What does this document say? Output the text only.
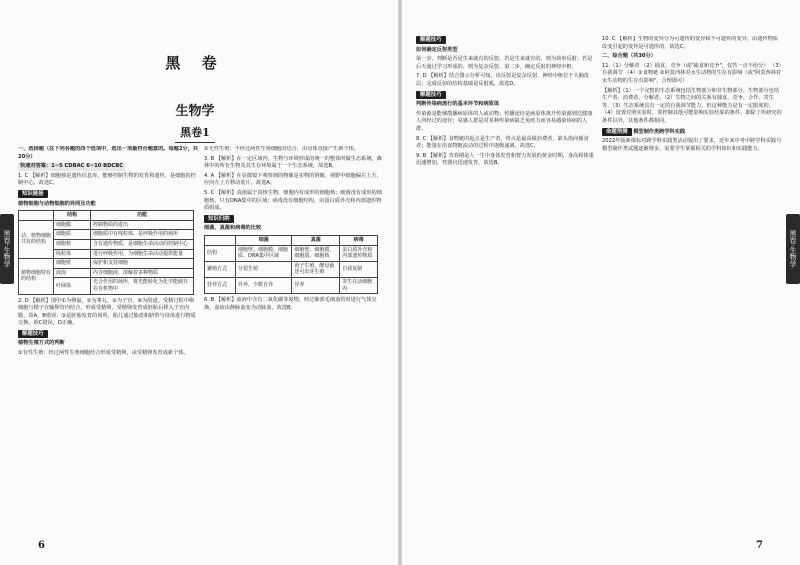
黑 卷
生物学
黑卷1
黑卷·生物学

一、选择题（在下列各题的四个选项中，选出一项最符合题意的。每题2分，共20分）

快速对答案：1~5 CDBAC 6~10 BDCBC

1. C 【解析】细胞核是遗传信息库，能够控制生物的发育和遗传，是细胞的控制中心，故选C。

知识链接

植物细胞与动物细胞的异同及功能

	结构	功能
动、植物细胞共有的结构	细胞膜	控制物质的进出
	细胞质	细胞质中有线粒体，是呼吸作用的场所
	细胞核	含有遗传物质，是细胞生命活动的控制中心
	线粒体	进行呼吸作用，为细胞生命活动提供能量
植物细胞特有的结构	细胞壁	保护和支持细胞
	液泡	内含细胞液，溶解着多种物质
	叶绿体	光合作用的场所，将光能转化为化学能储存在有机物中

2. D 【解析】图中①为卵巢，②为睾丸，③为子宫，④为阴道。受精过程中卵细胞与精子在输卵管内结合，形成受精卵，受精卵发育成胚胎后移入子宫内膜，故A、B错误；③是胚胎发育的场所，胎儿通过胎盘和脐带与母体进行物质交换，故C错误，D正确。

解题技巧

植物生殖方式的判断

①有性生殖：经过两性生殖细胞结合形成受精卵，由受精卵发育成新个体。

②无性生殖：不经过两性生殖细胞的结合，由母体直接产生新个体。

3. B 【解析】在一定区域内，生物与环境形成的统一的整体叫做生态系统。森林中的所有生物及其生存环境属于一个生态系统，故选B。

4. A 【解析】在显微镜下观察到的物像是实物的倒像，视野中细胞偏左上方，应向左上方移动装片，故选A。

5. C 【解析】真菌属于真核生物，细胞内有成形的细胞核；细菌没有成形的细胞核，只有DNA集中的区域；病毒没有细胞结构，由蛋白质外壳和内部遗传物质组成。

知识归纳

细菌、真菌和病毒的比较

	细菌	真菌	病毒
结构	细胞壁、细胞膜、细胞质、DNA集中区域	细胞壁、细胞膜、细胞质、细胞核	蛋白质外壳和内部遗传物质
繁殖方式	分裂生殖	孢子生殖，酵母菌还可出芽生殖	自我复制
营养方式	异养，少数自养	异养	寄生在活细胞内

6. B 【解析】血液中含有二氧化碳等废物，经过肺部毛细血管时进行气体交换，血液由静脉血变为动脉血，故选B。

6
黑卷·生物学

解题技巧

如何确定反射类型

第一步，判断是否是生来就有的反射。若是生来就有的，则为简单反射；若是后天通过学习形成的，则为复杂反射。第二步，确定反射的神经中枢。

7. D 【解析】结合图示分析可知，该反射是复杂反射，神经中枢位于大脑皮层；完成反射的结构基础是反射弧，故选D。

解题技巧

判断传染病流行的基本环节和病原体

传染源是能够散播病原体的人或动物；传播途径是病原体离开传染源到达健康人所经过的途径；易感人群是对某种传染病缺乏免疫力而容易感染该病的人群。

8. C 【解析】食物链的起点是生产者，终点是最高级消费者，箭头指向捕食者；能量在沿食物链流动的过程中逐级递减，故选C。

9. B 【解析】青春期是人一生中身体发育和智力发展的黄金时期，身高和体重迅速增加，性器官迅速发育，故选B。

10. C 【解析】生物的变异分为可遗传的变异和不可遗传的变异，由遗传物质改变引起的变异是可遗传的，故选C。

二、综合题（共30分）

11.（1）分解者 （2）捕食、竞争（或"捕食和竞争"，仅答一点不给分） （3）自我调节 （4）①食物链 ②阿莫西林对水生动物的生存有影响（或"阿莫西林对水生动物的生存有影响"，合理即可）

【解析】（1）一个完整的生态系统包括生物部分和非生物部分。生物部分包括生产者、消费者、分解者。（2）生物之间的关系有捕食、竞争、合作、寄生等。（3）生态系统具有一定的自我调节能力，但这种能力是有一定限度的。（4）设置对照实验时，要控制其他可能影响实验结果的条件，即除了所研究的条件以外，其他条件都相同。

命题预测 模型制作类跨学科实践

2022年版新课标对跨学科实践类活动提出了要求，近年来中考中跨学科实践与模型制作类试题逐渐增多，需要学生掌握相关的学科知识和实践能力。

7
